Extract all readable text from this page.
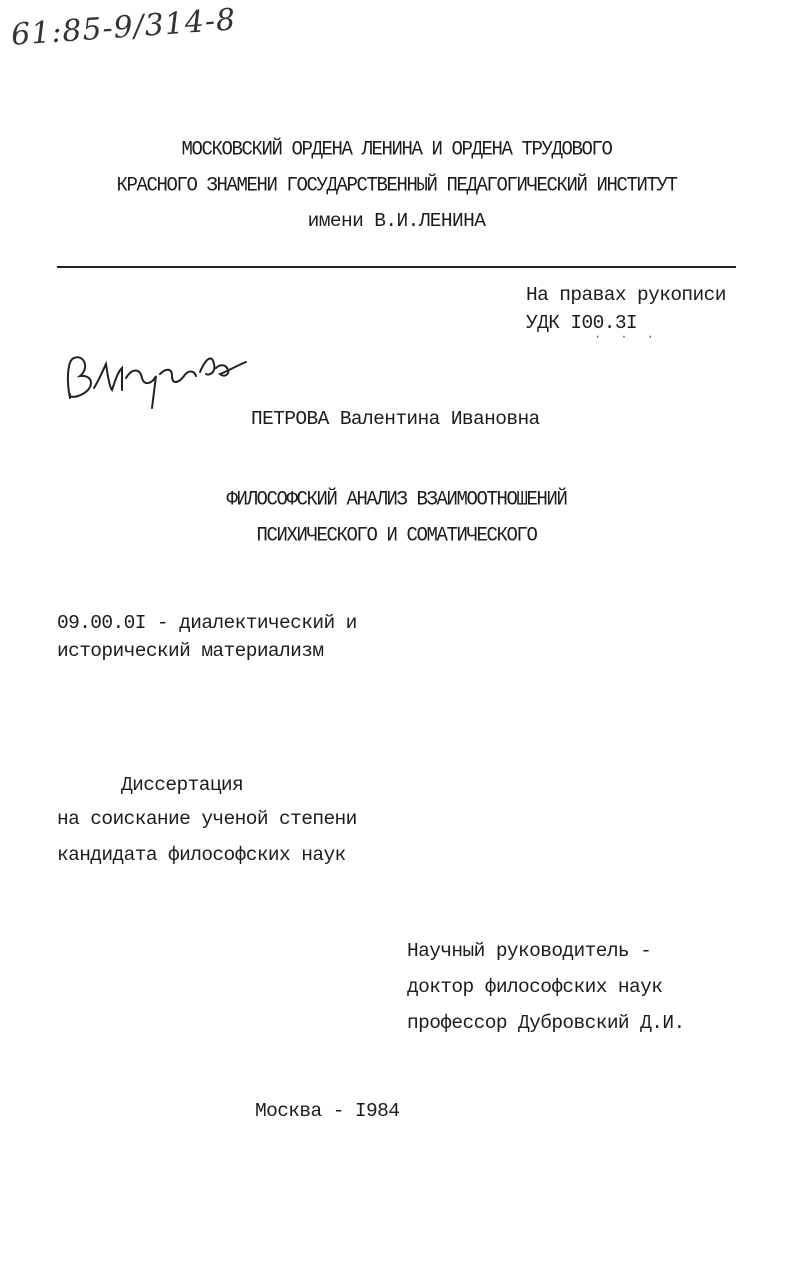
61:85-9/314-8
МОСКОВСКИЙ ОРДЕНА ЛЕНИНА И ОРДЕНА ТРУДОВОГО
КРАСНОГО ЗНАМЕНИ ГОСУДАРСТВЕННЫЙ ПЕДАГОГИЧЕСКИЙ ИНСТИТУТ
имени В.И.ЛЕНИНА
На правах рукописи
УДК I00.3I
· · ·
ПЕТРОВА Валентина Ивановна
ФИЛОСОФСКИЙ АНАЛИЗ ВЗАИМООТНОШЕНИЙ
ПСИХИЧЕСКОГО И СОМАТИЧЕСКОГО
09.00.0I - диалектический и
исторический материализм
Диссертация
на соискание ученой степени
кандидата философских наук
Научный руководитель -
доктор философских наук
профессор Дубровский Д.И.
Москва - I984
